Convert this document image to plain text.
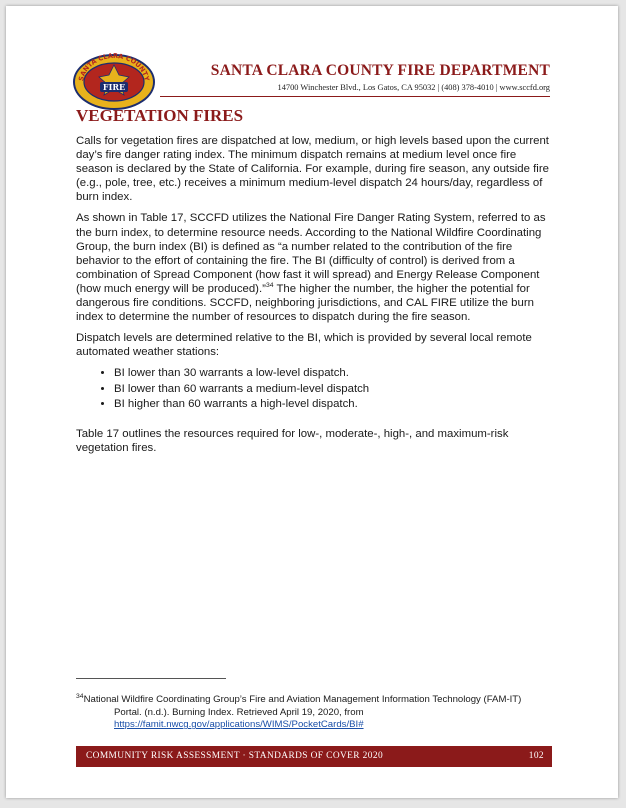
SANTA CLARA COUNTY
FIRE
SANTA CLARA COUNTY FIRE DEPARTMENT
14700 Winchester Blvd., Los Gatos, CA 95032 | (408) 378-4010 | www.sccfd.org
VEGETATION FIRES

Calls for vegetation fires are dispatched at low, medium, or high levels based upon the current day’s fire danger rating index. The minimum dispatch remains at medium level once fire season is declared by the State of California. For example, during fire season, any outside fire (e.g., pole, tree, etc.) receives a minimum medium-level dispatch 24 hours/day, regardless of burn index.

As shown in Table 17, SCCFD utilizes the National Fire Danger Rating System, referred to as the burn index, to determine resource needs. According to the National Wildfire Coordinating Group, the burn index (BI) is defined as “a number related to the contribution of the fire behavior to the effort of containing the fire. The BI (difficulty of control) is derived from a combination of Spread Component (how fast it will spread) and Energy Release Component (how much energy will be produced).”$^{34}$ The higher the number, the higher the potential for dangerous fire conditions. SCCFD, neighboring jurisdictions, and CAL FIRE utilize the burn index to determine the number of resources to dispatch during the fire season.

Dispatch levels are determined relative to the BI, which is provided by several local remote automated weather stations:

• BI lower than 30 warrants a low-level dispatch.
• BI lower than 60 warrants a medium-level dispatch
• BI higher than 60 warrants a high-level dispatch.

Table 17 outlines the resources required for low-, moderate-, high-, and maximum-risk vegetation fires.

$^{34}$National Wildfire Coordinating Group’s Fire and Aviation Management Information Technology (FAM-IT)
Portal. (n.d.). Burning Index. Retrieved April 19, 2020, from
https://famit.nwcg.gov/applications/WIMS/PocketCards/BI#
COMMUNITY RISK ASSESSMENT · STANDARDS OF COVER 2020	102
